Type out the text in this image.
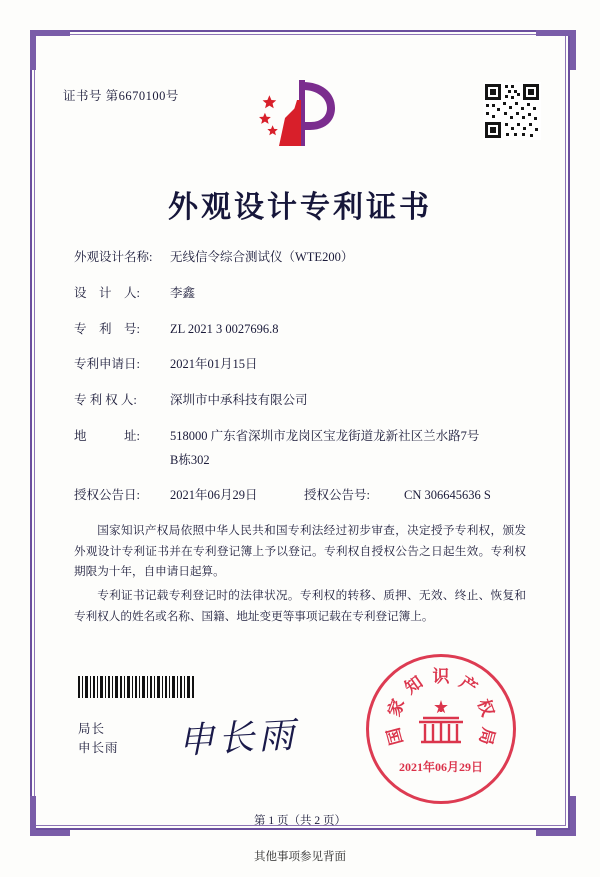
证书号 第6670100号
外观设计专利证书
外观设计名称:	无线信令综合测试仪（WTE200）
设　计　人:	李鑫
专　利　号:	ZL 2021 3 0027696.8
专利申请日:	2021年01月15日
专 利 权 人:	深圳市中承科技有限公司
地　　　址:	518000 广东省深圳市龙岗区宝龙街道龙新社区兰水路7号
B栋302
授权公告日:	2021年06月29日	授权公告号:	CN 306645636 S

国家知识产权局依照中华人民共和国专利法经过初步审查，决定授予专利权，颁发外观设计专利证书并在专利登记簿上予以登记。专利权自授权公告之日起生效。专利权期限为十年，自申请日起算。

专利证书记载专利登记时的法律状况。专利权的转移、质押、无效、终止、恢复和专利权人的姓名或名称、国籍、地址变更等事项记载在专利登记簿上。

局长
申长雨 申长雨
2021年06月29日
国
家
知 识 产
权
局
第 1 页（共 2 页）
其他事项参见背面
